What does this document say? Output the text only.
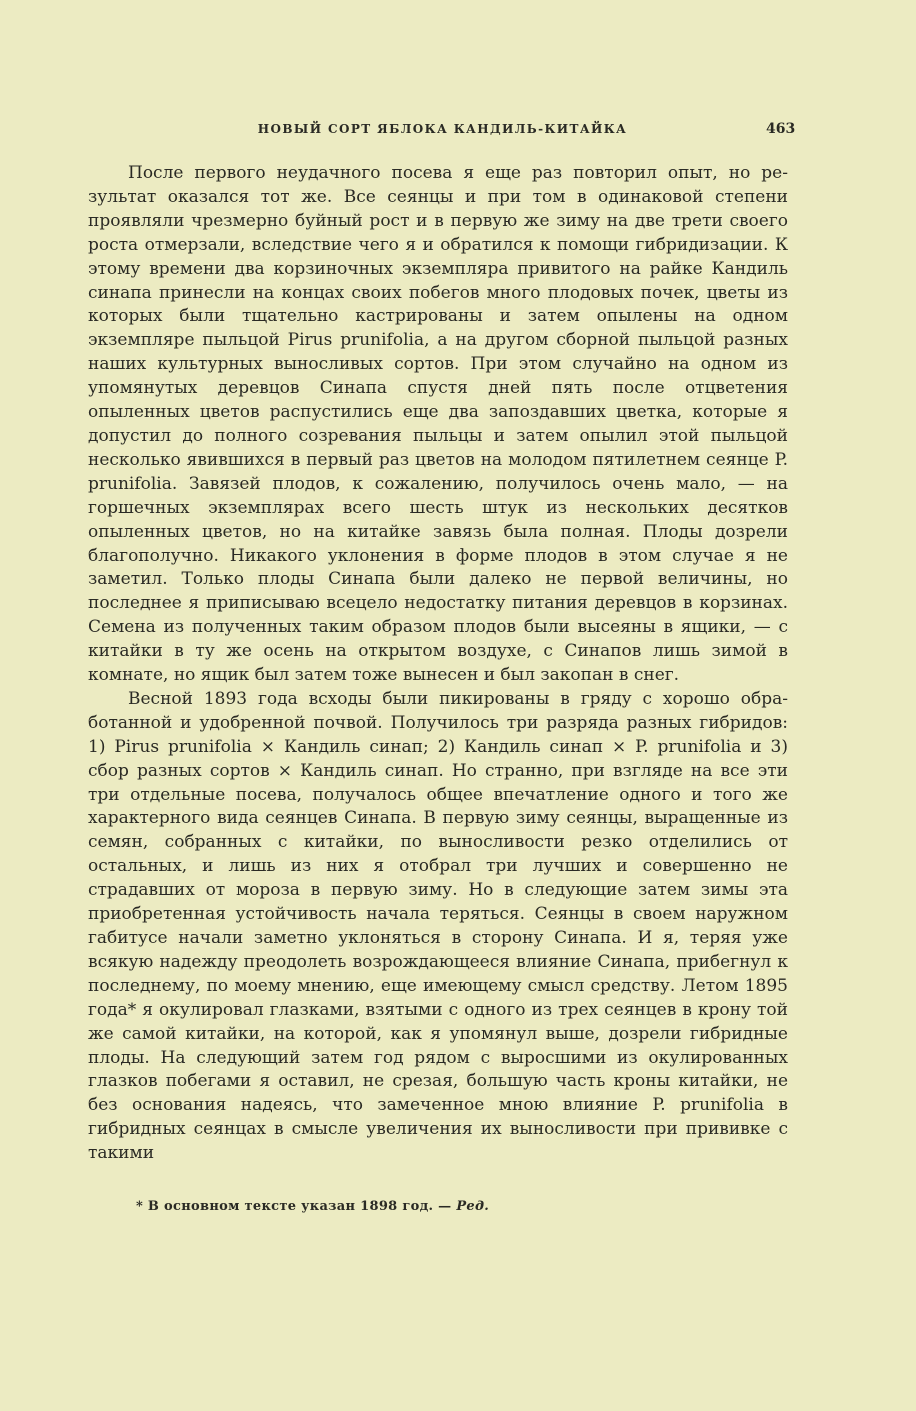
НОВЫЙ СОРТ ЯБЛОКА КАНДИЛЬ-КИТАЙКА	463

После первого неудачного посева я еще раз повторил опыт, но результат оказался тот же. Все сеянцы и при том в одинаковой степени проявляли чрезмерно буйный рост и в первую же зиму на две трети своего роста отмерзали, вследствие чего я и обратился к помощи гибридизации. К этому времени два корзиночных экземпляра привитого на райке Кандиль синапа принесли на концах своих побегов много плодовых почек, цветы из которых были тщательно кастрированы и затем опылены на одном экземпляре пыльцой Pirus prunifolia, а на другом сборной пыльцой разных наших культурных выносливых сортов. При этом случайно на одном из упомянутых деревцов Синапа спустя дней пять после отцветения опыленных цветов распустились еще два запоздавших цветка, которые я допустил до полного созревания пыльцы и затем опылил этой пыльцой несколько явившихся в первый раз цветов на молодом пятилетнем сеянце P. prunifolia. Завязей плодов, к сожалению, получилось очень мало, — на горшечных экземплярах всего шесть штук из нескольких десятков опыленных цветов, но на китайке завязь была полная. Плоды дозрели благополучно. Никакого уклонения в форме плодов в этом случае я не заметил. Только плоды Синапа были далеко не первой величины, но последнее я приписываю всецело недостатку питания деревцов в корзинах. Семена из полученных таким образом плодов были высеяны в ящики, — с китайки в ту же осень на открытом воздухе, с Синапов лишь зимой в комнате, но ящик был затем тоже вынесен и был закопан в снег.

Весной 1893 года всходы были пикированы в гряду с хорошо обработанной и удобренной почвой. Получилось три разряда разных гибридов: 1) Pirus prunifolia × Кандиль синап; 2) Кандиль синап × P. prunifolia и 3) сбор разных сортов × Кандиль синап. Но странно, при взгляде на все эти три отдельные посева, получалось общее впечатление одного и того же характерного вида сеянцев Синапа. В первую зиму сеянцы, выращенные из семян, собранных с китайки, по выносливости резко отделились от остальных, и лишь из них я отобрал три лучших и совершенно не страдавших от мороза в первую зиму. Но в следующие затем зимы эта приобретенная устойчивость начала теряться. Сеянцы в своем наружном габитусе начали заметно уклоняться в сторону Синапа. И я, теряя уже всякую надежду преодолеть возрождающееся влияние Синапа, прибегнул к последнему, по моему мнению, еще имеющему смысл средству. Летом 1895 года* я окулировал глазками, взятыми с одного из трех сеянцев в крону той же самой китайки, на которой, как я упомянул выше, дозрели гибридные плоды. На следующий затем год рядом с выросшими из окулированных глазков побегами я оставил, не срезая, большую часть кроны китайки, не без основания надеясь, что замеченное мною влияние P. prunifolia в гибридных сеянцах в смысле увеличения их выносливости при прививке с такими

* В основном тексте указан 1898 год. — Ред.
